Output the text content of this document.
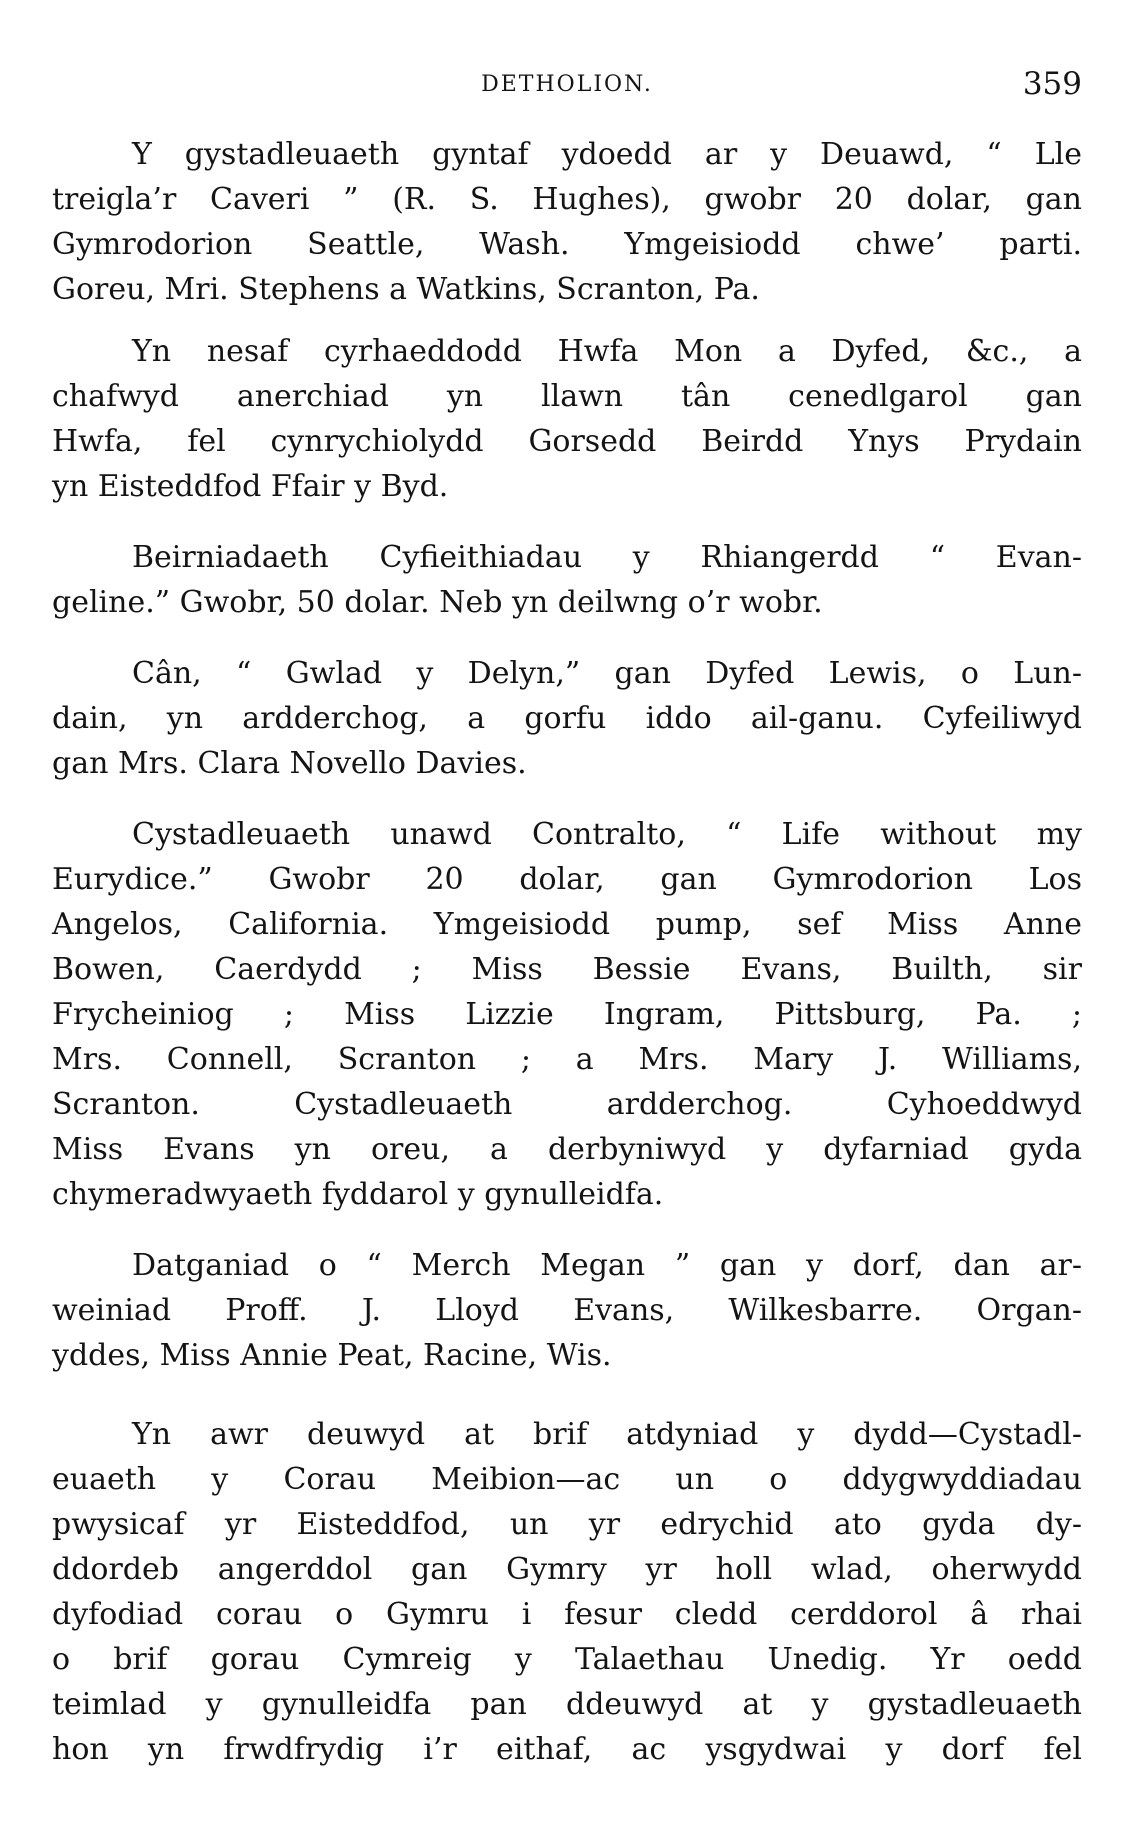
DETHOLION.	359

Y gystadleuaeth gyntaf ydoedd ar y Deuawd, “ Lle
treigla’r Caveri ” (R. S. Hughes), gwobr 20 dolar, gan
Gymrodorion Seattle, Wash. Ymgeisiodd chwe’ parti.
Goreu, Mri. Stephens a Watkins, Scranton, Pa.

Yn nesaf cyrhaeddodd Hwfa Mon a Dyfed, &c., a
chafwyd anerchiad yn llawn tân cenedlgarol gan
Hwfa, fel cynrychiolydd Gorsedd Beirdd Ynys Prydain
yn Eisteddfod Ffair y Byd.

Beirniadaeth Cyfieithiadau y Rhiangerdd “ Evan-
geline.” Gwobr, 50 dolar. Neb yn deilwng o’r wobr.

Cân, “ Gwlad y Delyn,” gan Dyfed Lewis, o Lun-
dain, yn ardderchog, a gorfu iddo ail-ganu. Cyfeiliwyd
gan Mrs. Clara Novello Davies.

Cystadleuaeth unawd Contralto, “ Life without my
Eurydice.” Gwobr 20 dolar, gan Gymrodorion Los
Angelos, California. Ymgeisiodd pump, sef Miss Anne
Bowen, Caerdydd ; Miss Bessie Evans, Builth, sir
Frycheiniog ; Miss Lizzie Ingram, Pittsburg, Pa. ;
Mrs. Connell, Scranton ; a Mrs. Mary J. Williams,
Scranton. Cystadleuaeth ardderchog. Cyhoeddwyd
Miss Evans yn oreu, a derbyniwyd y dyfarniad gyda
chymeradwyaeth fyddarol y gynulleidfa.

Datganiad o “ Merch Megan ” gan y dorf, dan ar-
weiniad Proff. J. Lloyd Evans, Wilkesbarre. Organ-
yddes, Miss Annie Peat, Racine, Wis.

Yn awr deuwyd at brif atdyniad y dydd—Cystadl-
euaeth y Corau Meibion—ac un o ddygwyddiadau
pwysicaf yr Eisteddfod, un yr edrychid ato gyda dy-
ddordeb angerddol gan Gymry yr holl wlad, oherwydd
dyfodiad corau o Gymru i fesur cledd cerddorol â rhai
o brif gorau Cymreig y Talaethau Unedig. Yr oedd
teimlad y gynulleidfa pan ddeuwyd at y gystadleuaeth
hon yn frwdfrydig i’r eithaf, ac ysgydwai y dorf fel
